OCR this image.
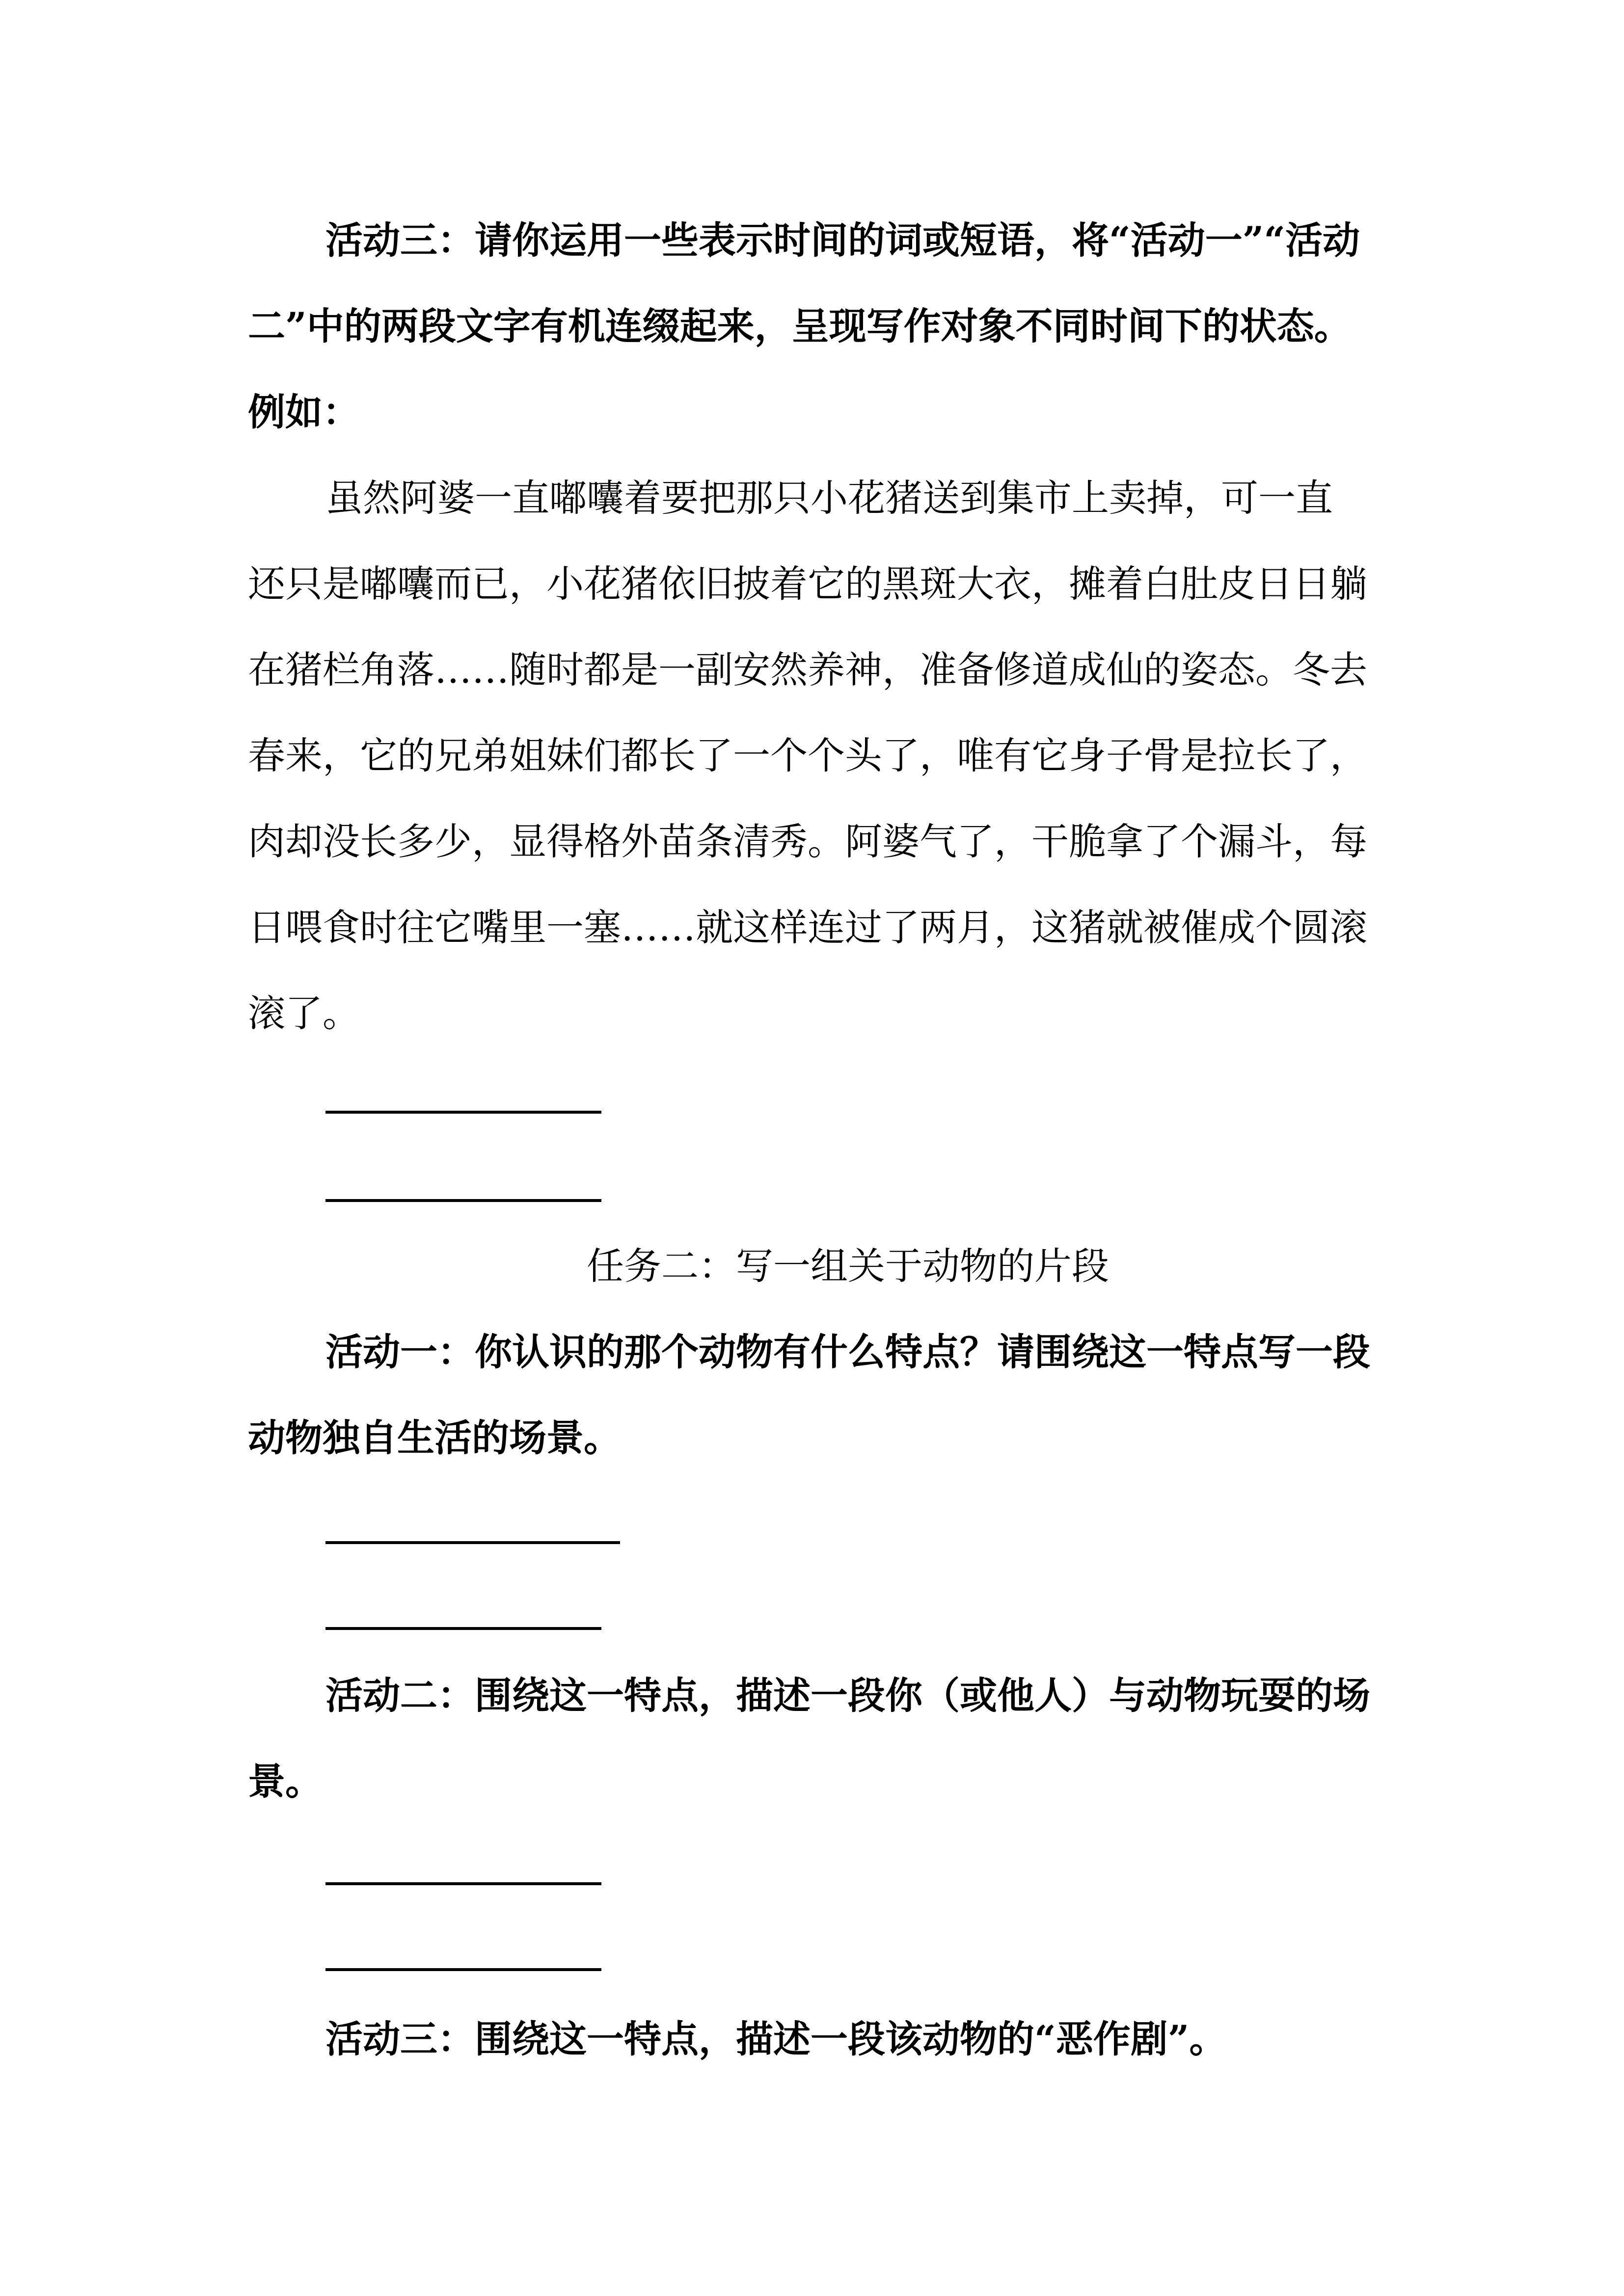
活动三：请你运用一些表示时间的词或短语，将“活动一”“活动
二”中的两段文字有机连缀起来，呈现写作对象不同时间下的状态。
例如：
虽然阿婆一直嘟囔着要把那只小花猪送到集市上卖掉，可一直
还只是嘟囔而已，小花猪依旧披着它的黑斑大衣，摊着白肚皮日日躺
在猪栏角落……随时都是一副安然养神，准备修道成仙的姿态。冬去
春来，它的兄弟姐妹们都长了一个个头了，唯有它身子骨是拉长了，
肉却没长多少，显得格外苗条清秀。阿婆气了，干脆拿了个漏斗，每
日喂食时往它嘴里一塞……就这样连过了两月，这猪就被催成个圆滚
滚了。
任务二：写一组关于动物的片段
活动一：你认识的那个动物有什么特点？请围绕这一特点写一段
动物独自生活的场景。
活动二：围绕这一特点，描述一段你（或他人）与动物玩耍的场
景。
活动三：围绕这一特点，描述一段该动物的“恶作剧”。
